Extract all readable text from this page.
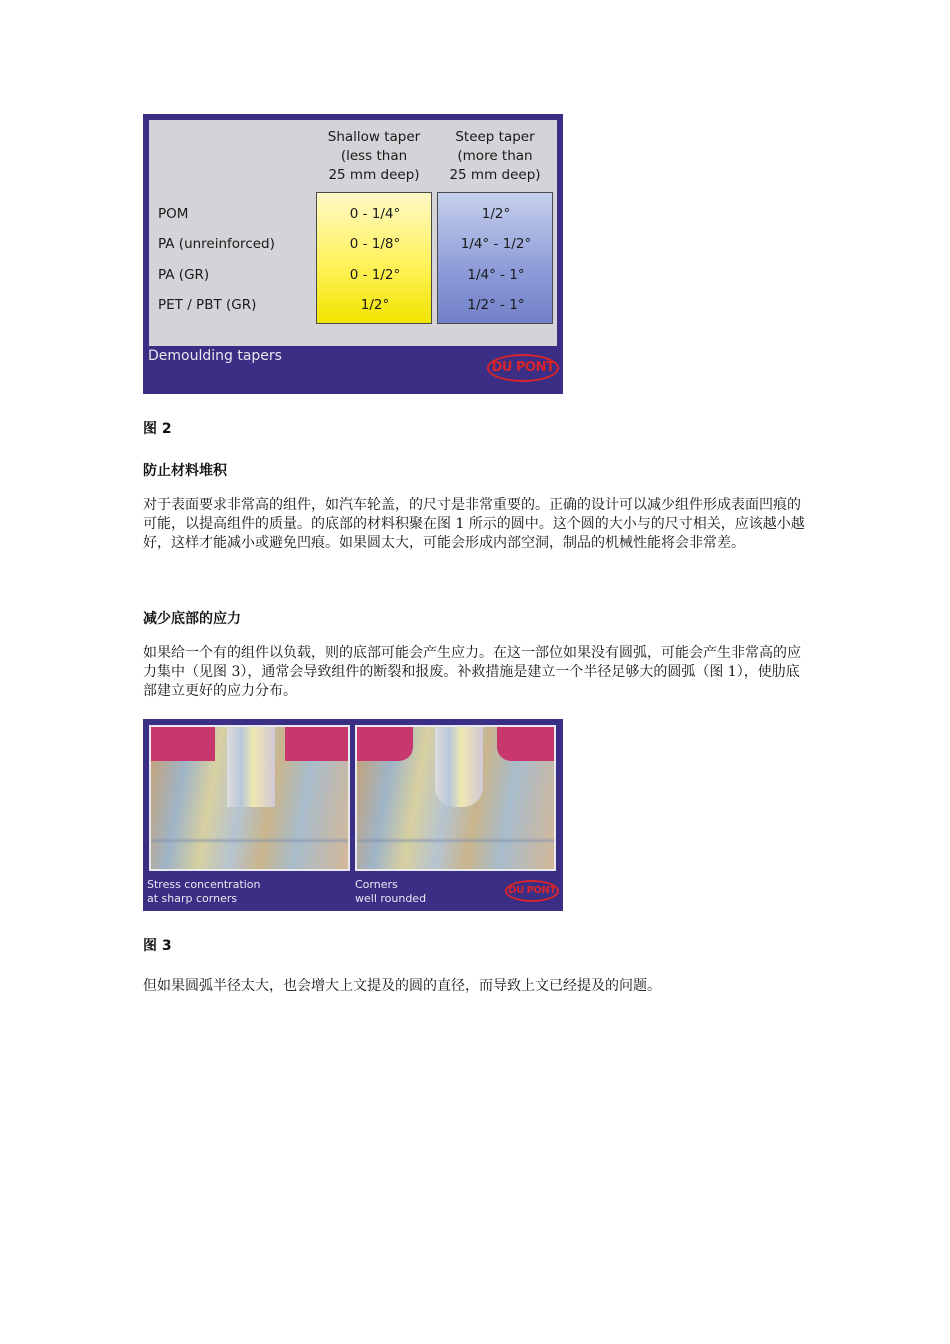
Shallow taper
(less than
25 mm deep)
Steep taper
(more than
25 mm deep)
POM
PA (unreinforced)
PA (GR)
PET / PBT (GR)
0 - 1/4°
0 - 1/8°
0 - 1/2°
1/2°
1/2°
1/4° - 1/2°
1/4° - 1°
1/2° - 1°
Demoulding tapers
DU PONT
图 2
防止材料堆积

对于表面要求非常高的组件，如汽车轮盖，的尺寸是非常重要的。正确的设计可以减少组件形成表面凹痕的可能，以提高组件的质量。的底部的材料积聚在图 1 所示的圆中。这个圆的大小与的尺寸相关，应该越小越好，这样才能减小或避免凹痕。如果圆太大，可能会形成内部空洞，制品的机械性能将会非常差。

减少底部的应力

如果给一个有的组件以负载，则的底部可能会产生应力。在这一部位如果没有圆弧，可能会产生非常高的应力集中（见图 3），通常会导致组件的断裂和报废。补救措施是建立一个半径足够大的圆弧（图 1），使肋底部建立更好的应力分布。

Stress concentration
at sharp corners
Corners
well rounded
DU PONT
图 3

但如果圆弧半径太大，也会增大上文提及的圆的直径，而导致上文已经提及的问题。
